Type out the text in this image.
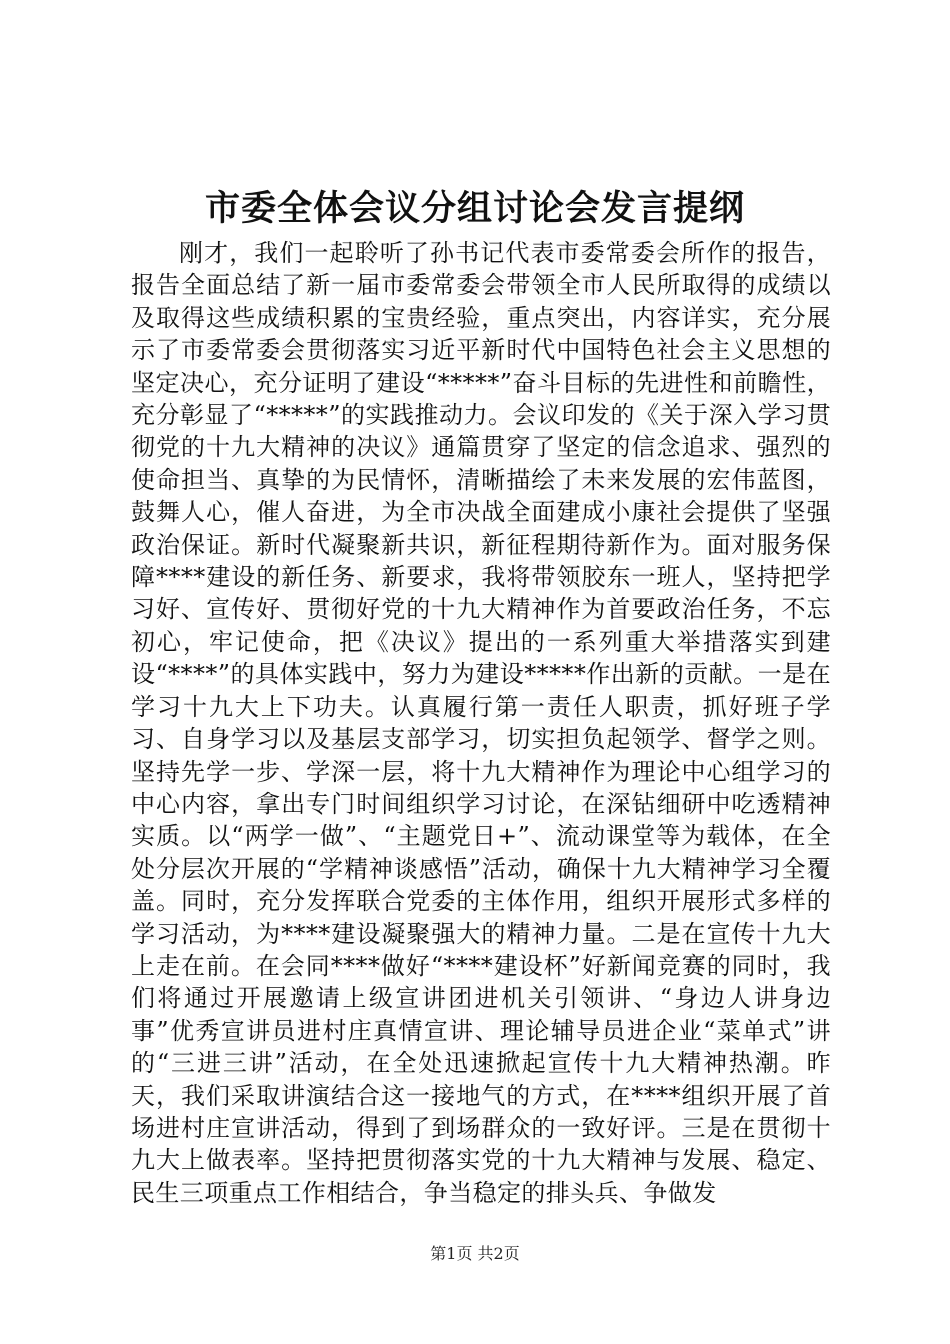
市委全体会议分组讨论会发言提纲

刚才，我们一起聆听了孙书记代表市委常委会所作的报告，报告全面总结了新一届市委常委会带领全市人民所取得的成绩以及取得这些成绩积累的宝贵经验，重点突出，内容详实，充分展示了市委常委会贯彻落实习近平新时代中国特色社会主义思想的坚定决心，充分证明了建设“*****”奋斗目标的先进性和前瞻性，充分彰显了“*****”的实践推动力。会议印发的《关于深入学习贯彻党的十九大精神的决议》通篇贯穿了坚定的信念追求、强烈的使命担当、真挚的为民情怀，清晰描绘了未来发展的宏伟蓝图，鼓舞人心，催人奋进，为全市决战全面建成小康社会提供了坚强政治保证。新时代凝聚新共识，新征程期待新作为。面对服务保障****建设的新任务、新要求，我将带领胶东一班人，坚持把学习好、宣传好、贯彻好党的十九大精神作为首要政治任务，不忘初心，牢记使命，把《决议》提出的一系列重大举措落实到建设“****”的具体实践中，努力为建设*****作出新的贡献。一是在学习十九大上下功夫。认真履行第一责任人职责，抓好班子学习、自身学习以及基层支部学习，切实担负起领学、督学之则。坚持先学一步、学深一层，将十九大精神作为理论中心组学习的中心内容，拿出专门时间组织学习讨论，在深钻细研中吃透精神实质。以“两学一做”、“主题党日+”、流动课堂等为载体，在全处分层次开展的“学精神谈感悟”活动，确保十九大精神学习全覆盖。同时，充分发挥联合党委的主体作用，组织开展形式多样的学习活动，为****建设凝聚强大的精神力量。二是在宣传十九大上走在前。在会同****做好“****建设杯”好新闻竞赛的同时，我们将通过开展邀请上级宣讲团进机关引领讲、“身边人讲身边事”优秀宣讲员进村庄真情宣讲、理论辅导员进企业“菜单式”讲的“三进三讲”活动，在全处迅速掀起宣传十九大精神热潮。昨天，我们采取讲演结合这一接地气的方式，在****组织开展了首场进村庄宣讲活动，得到了到场群众的一致好评。三是在贯彻十九大上做表率。坚持把贯彻落实党的十九大精神与发展、稳定、民生三项重点工作相结合，争当稳定的排头兵、争做发

第1页 共2页
